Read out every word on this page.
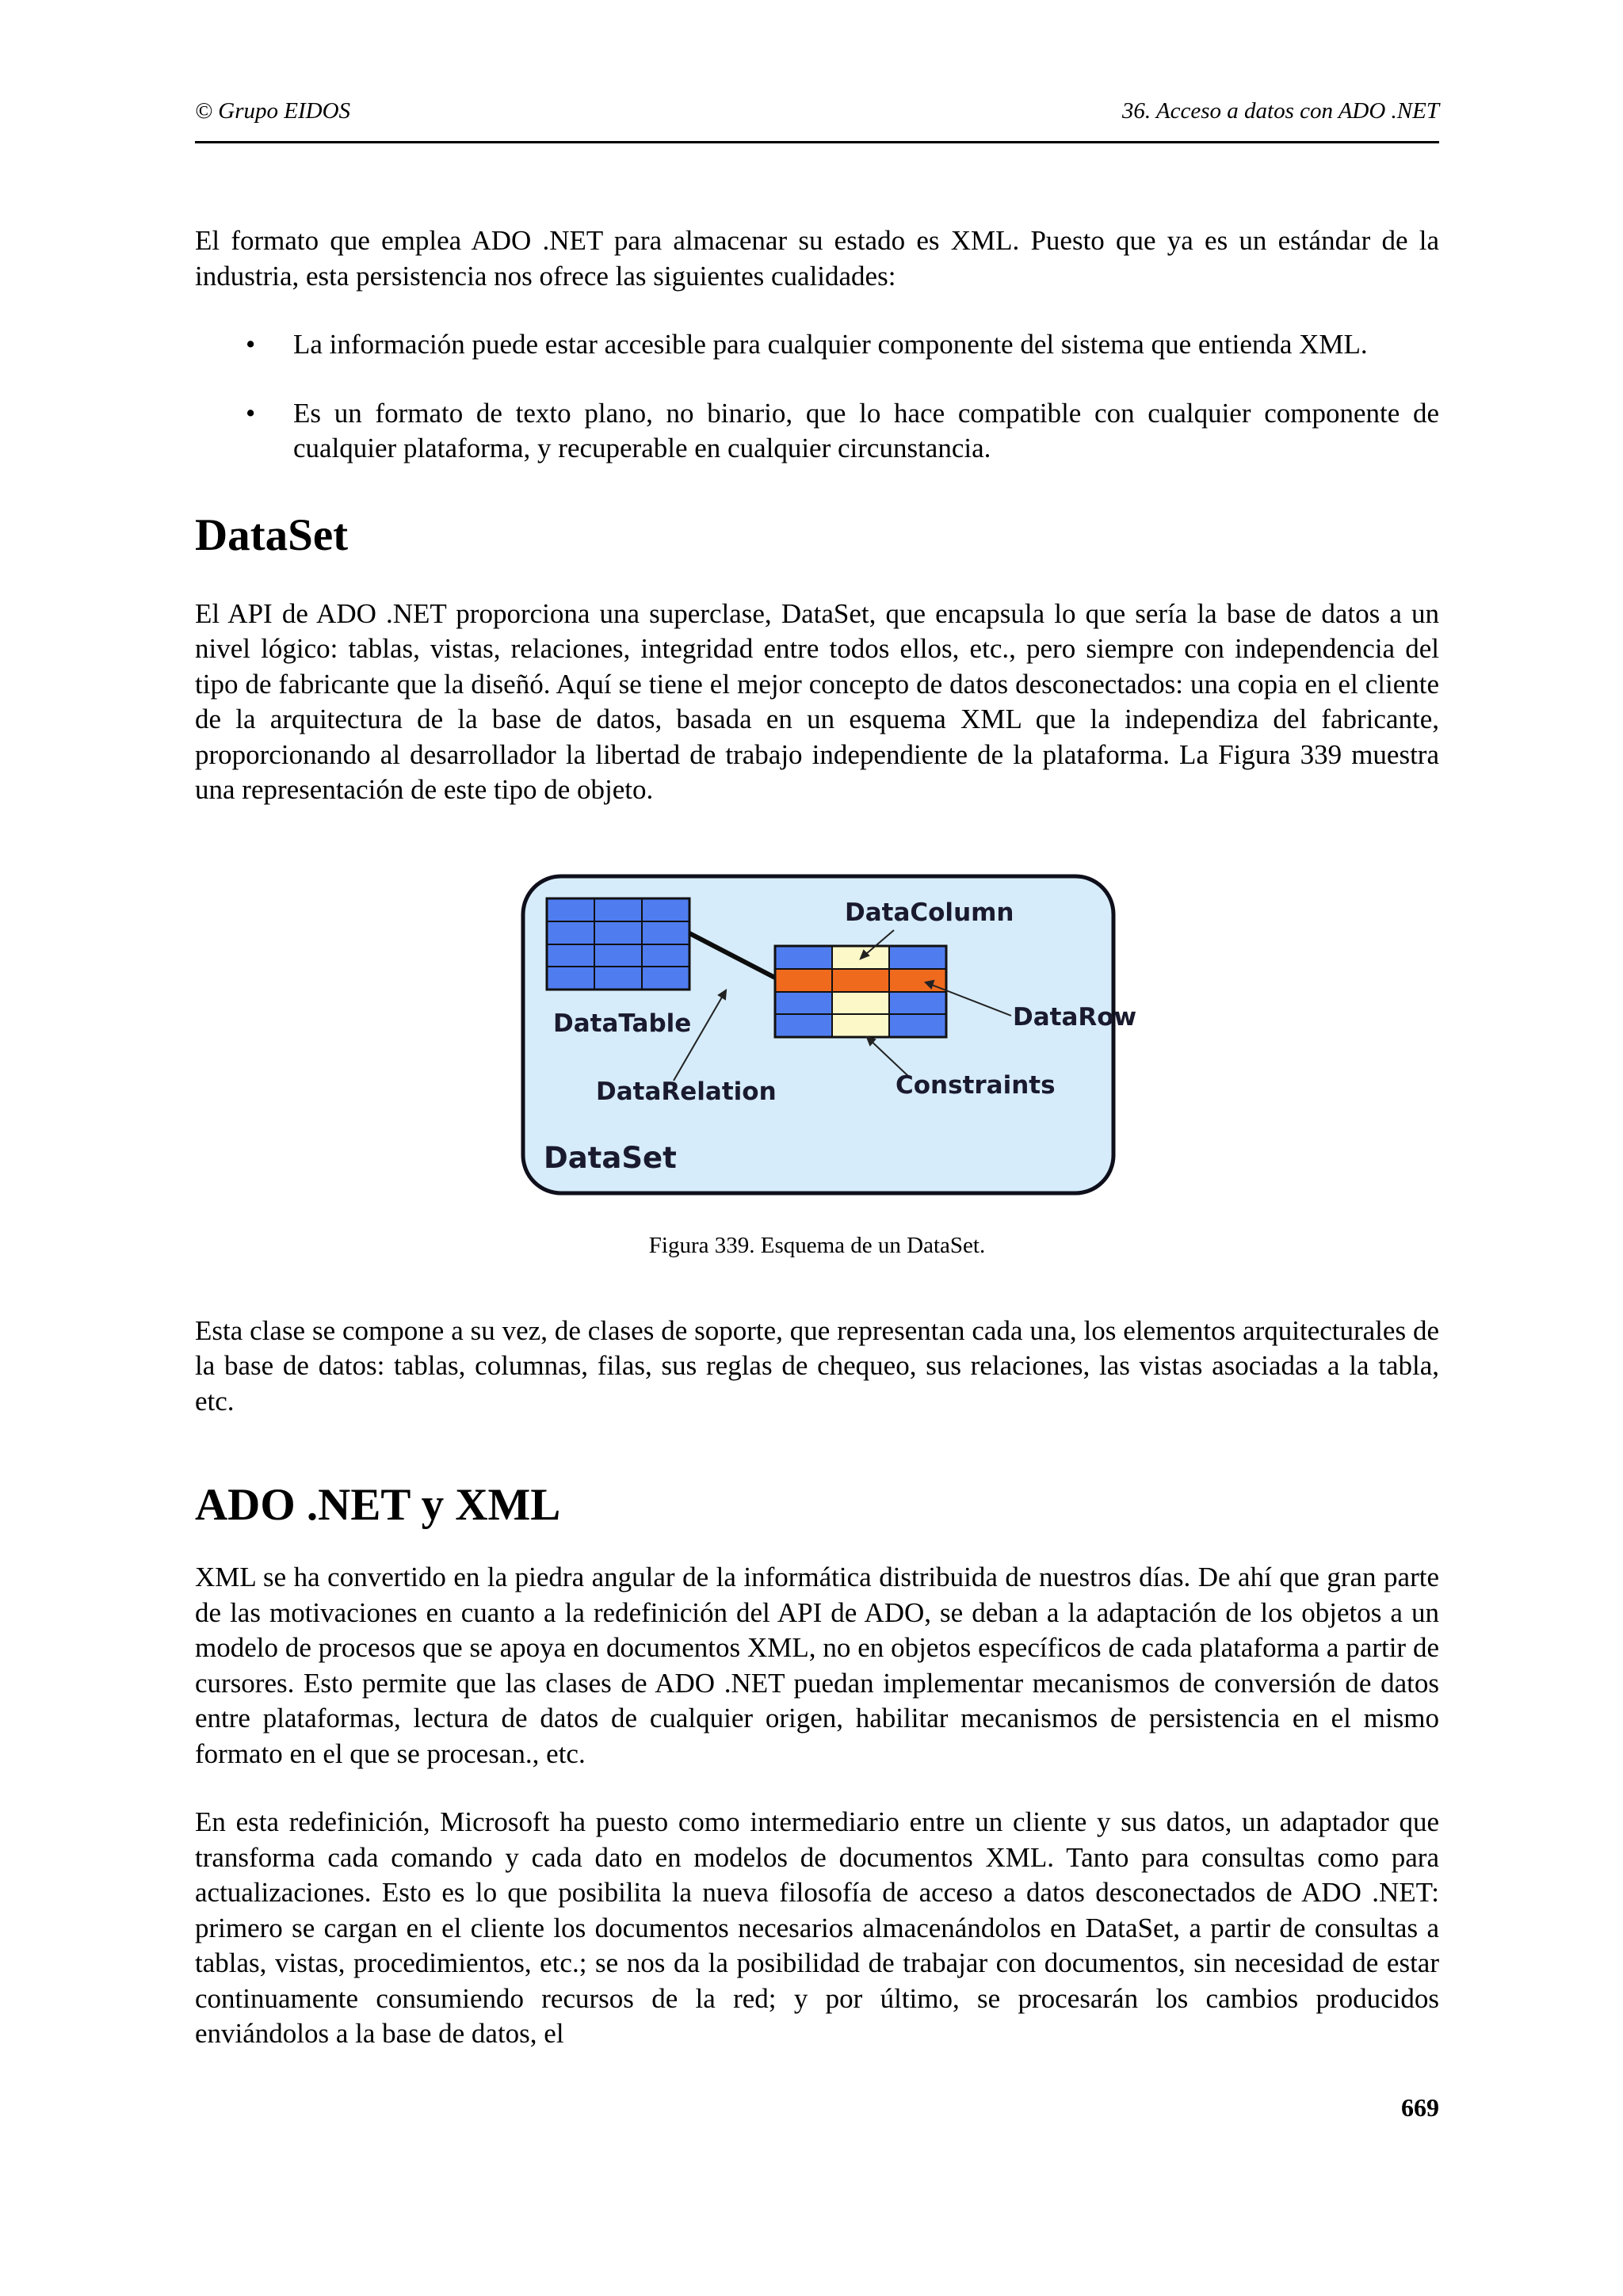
© Grupo EIDOS	36. Acceso a datos con ADO .NET

El formato que emplea ADO .NET para almacenar su estado es XML. Puesto que ya es un estándar de la industria, esta persistencia nos ofrece las siguientes cualidades:

• La información puede estar accesible para cualquier componente del sistema que entienda XML.
• Es un formato de texto plano, no binario, que lo hace compatible con cualquier componente de cualquier plataforma, y recuperable en cualquier circunstancia.
DataSet

El API de ADO .NET proporciona una superclase, DataSet, que encapsula lo que sería la base de datos a un nivel lógico: tablas, vistas, relaciones, integridad entre todos ellos, etc., pero siempre con independencia del tipo de fabricante que la diseñó. Aquí se tiene el mejor concepto de datos desconectados: una copia en el cliente de la arquitectura de la base de datos, basada en un esquema XML que la independiza del fabricante, proporcionando al desarrollador la libertad de trabajo independiente de la plataforma. La Figura 339 muestra una representación de este tipo de objeto.

DataColumn
DataRow
DataTable
DataRelation	Constraints
DataSet
Figura 339. Esquema de un DataSet.

Esta clase se compone a su vez, de clases de soporte, que representan cada una, los elementos arquitecturales de la base de datos: tablas, columnas, filas, sus reglas de chequeo, sus relaciones, las vistas asociadas a la tabla, etc.

ADO .NET y XML

XML se ha convertido en la piedra angular de la informática distribuida de nuestros días. De ahí que gran parte de las motivaciones en cuanto a la redefinición del API de ADO, se deban a la adaptación de los objetos a un modelo de procesos que se apoya en documentos XML, no en objetos específicos de cada plataforma a partir de cursores. Esto permite que las clases de ADO .NET puedan implementar mecanismos de conversión de datos entre plataformas, lectura de datos de cualquier origen, habilitar mecanismos de persistencia en el mismo formato en el que se procesan., etc.

En esta redefinición, Microsoft ha puesto como intermediario entre un cliente y sus datos, un adaptador que transforma cada comando y cada dato en modelos de documentos XML. Tanto para consultas como para actualizaciones. Esto es lo que posibilita la nueva filosofía de acceso a datos desconectados de ADO .NET: primero se cargan en el cliente los documentos necesarios almacenándolos en DataSet, a partir de consultas a tablas, vistas, procedimientos, etc.; se nos da la posibilidad de trabajar con documentos, sin necesidad de estar continuamente consumiendo recursos de la red; y por último, se procesarán los cambios producidos enviándolos a la base de datos, el

669
